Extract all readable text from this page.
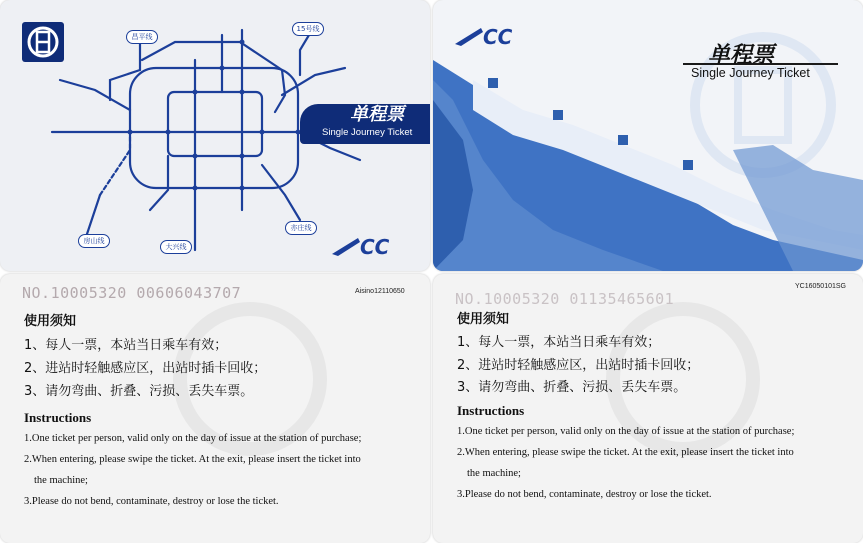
昌平线
15号线
房山线
大兴线
亦庄线
单程票
Single Journey Ticket
CC
CC
单程票
Single Journey Ticket
NO.10005320 00606043707	Aisino12110650
使用须知
1、每人一票，本站当日乘车有效；
2、进站时轻触感应区，出站时插卡回收；
3、请勿弯曲、折叠、污损、丢失车票。
Instructions
1.One ticket per person, valid only on the day of issue at the station of purchase;
2.When entering, please swipe the ticket. At the exit, please insert the ticket into
the machine;
3.Please do not bend, contaminate, destroy or lose the ticket.
NO.10005320 01135465601
YC16050101SG
使用须知
1、每人一票，本站当日乘车有效；
2、进站时轻触感应区，出站时插卡回收；
3、请勿弯曲、折叠、污损、丢失车票。
Instructions
1.One ticket per person, valid only on the day of issue at the station of purchase;
2.When entering, please swipe the ticket. At the exit, please insert the ticket into
the machine;
3.Please do not bend, contaminate, destroy or lose the ticket.
